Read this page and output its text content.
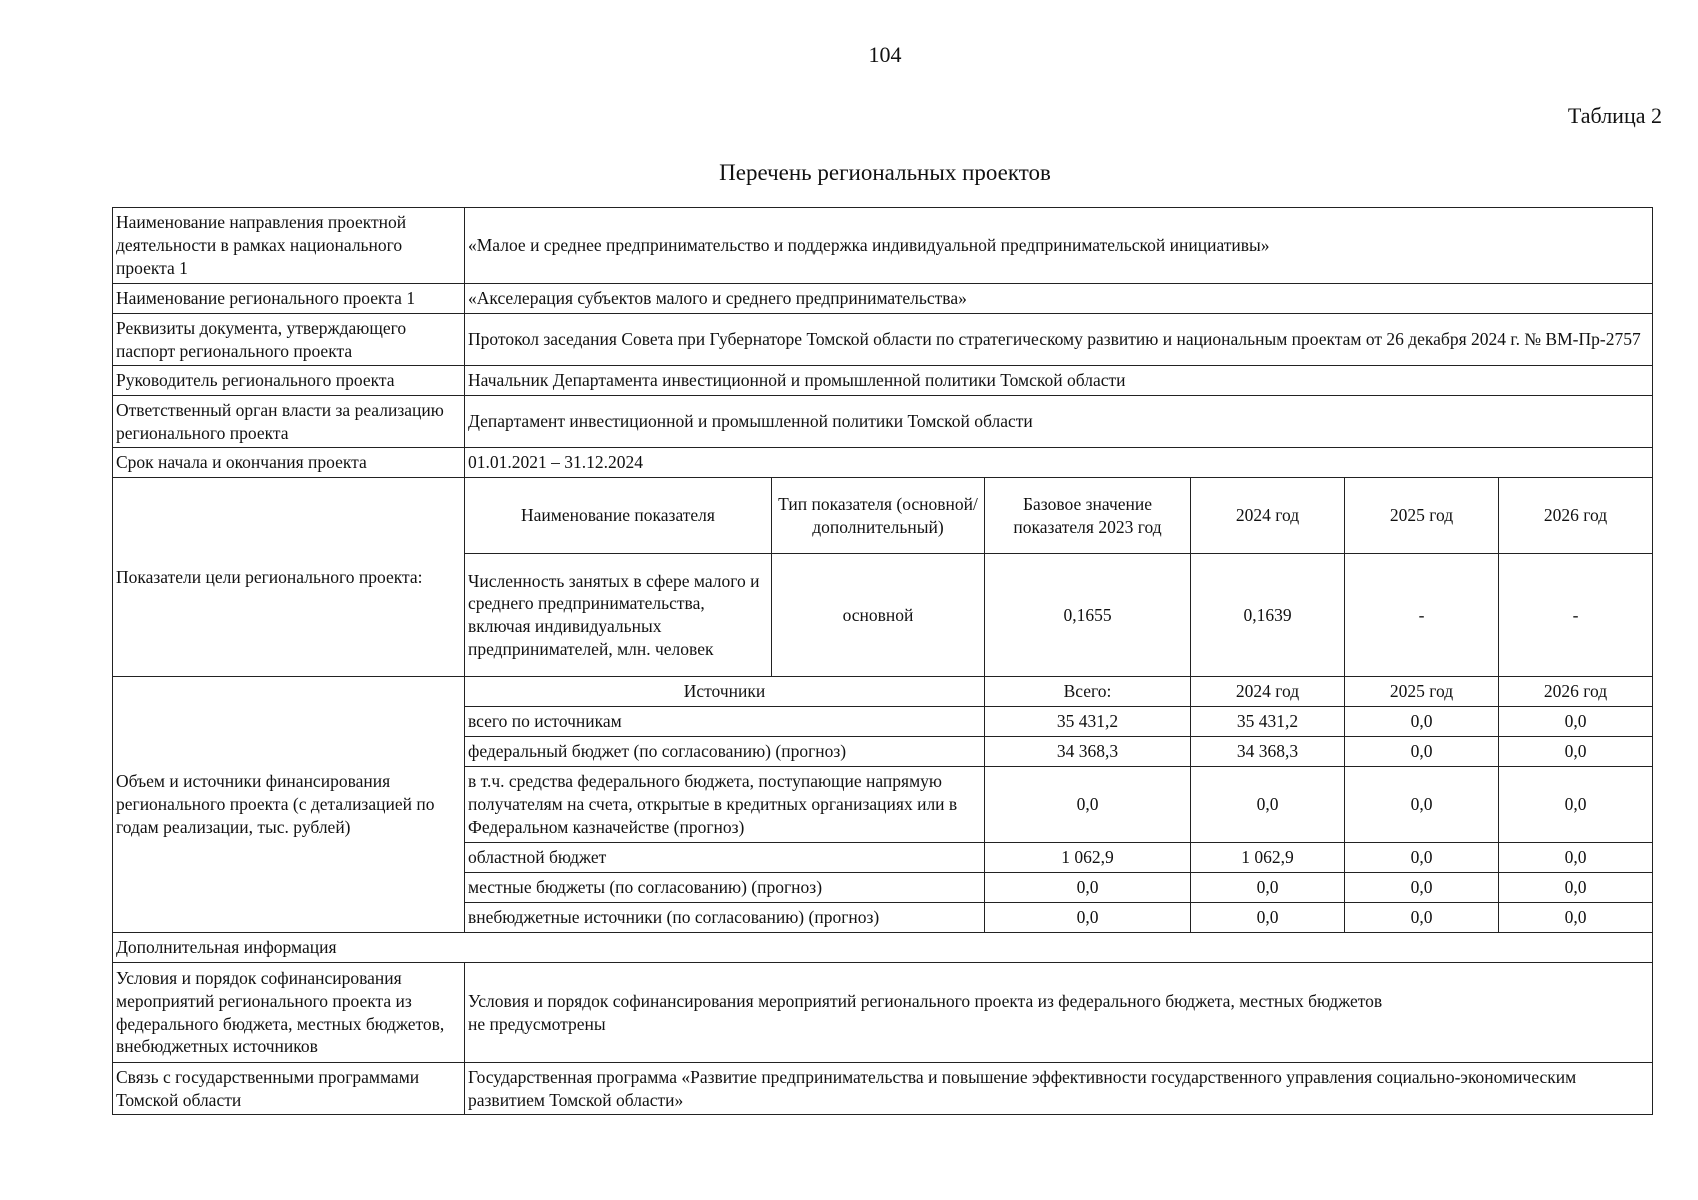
104
Таблица 2
Перечень региональных проектов
Наименование направления проектной деятельности в рамках национального проекта 1	«Малое и среднее предпринимательство и поддержка индивидуальной предпринимательской инициативы»					
Наименование регионального проекта 1	«Акселерация субъектов малого и среднего предпринимательства»					
Реквизиты документа, утверждающего паспорт регионального проекта	Протокол заседания Совета при Губернаторе Томской области по стратегическому развитию и национальным проектам от 26 декабря 2024 г. № ВМ-Пр-2757					
Руководитель регионального проекта	Начальник Департамента инвестиционной и промышленной политики Томской области					
Ответственный орган власти за реализацию регионального проекта	Департамент инвестиционной и промышленной политики Томской области					
Срок начала и окончания проекта	01.01.2021 – 31.12.2024					
Показатели цели регионального проекта:	Наименование показателя	Тип показателя (основной/ дополнительный)	Базовое значение показателя 2023 год	2024 год	2025 год	2026 год
	Численность занятых в сфере малого и среднего предпринимательства, включая индивидуальных предпринимателей, млн. человек	основной	0,1655	0,1639	-	-
Объем и источники финансирования регионального проекта (с детализацией по годам реализации, тыс. рублей)	Источники		Всего:	2024 год	2025 год	2026 год
	всего по источникам		35 431,2	35 431,2	0,0	0,0
	федеральный бюджет (по согласованию) (прогноз)		34 368,3	34 368,3	0,0	0,0
	в т.ч. средства федерального бюджета, поступающие напрямую получателям на счета, открытые в кредитных организациях или в Федеральном казначействе (прогноз)		0,0	0,0	0,0	0,0
	областной бюджет		1 062,9	1 062,9	0,0	0,0
	местные бюджеты (по согласованию) (прогноз)		0,0	0,0	0,0	0,0
	внебюджетные источники (по согласованию) (прогноз)		0,0	0,0	0,0	0,0
Дополнительная информация						
Условия и порядок софинансирования мероприятий регионального проекта из федерального бюджета, местных бюджетов, внебюджетных источников	Условия и порядок софинансирования мероприятий регионального проекта из федерального бюджета, местных бюджетов
не предусмотрены					
Связь с государственными программами Томской области	Государственная программа «Развитие предпринимательства и повышение эффективности государственного управления социально-экономическим развитием Томской области»					
